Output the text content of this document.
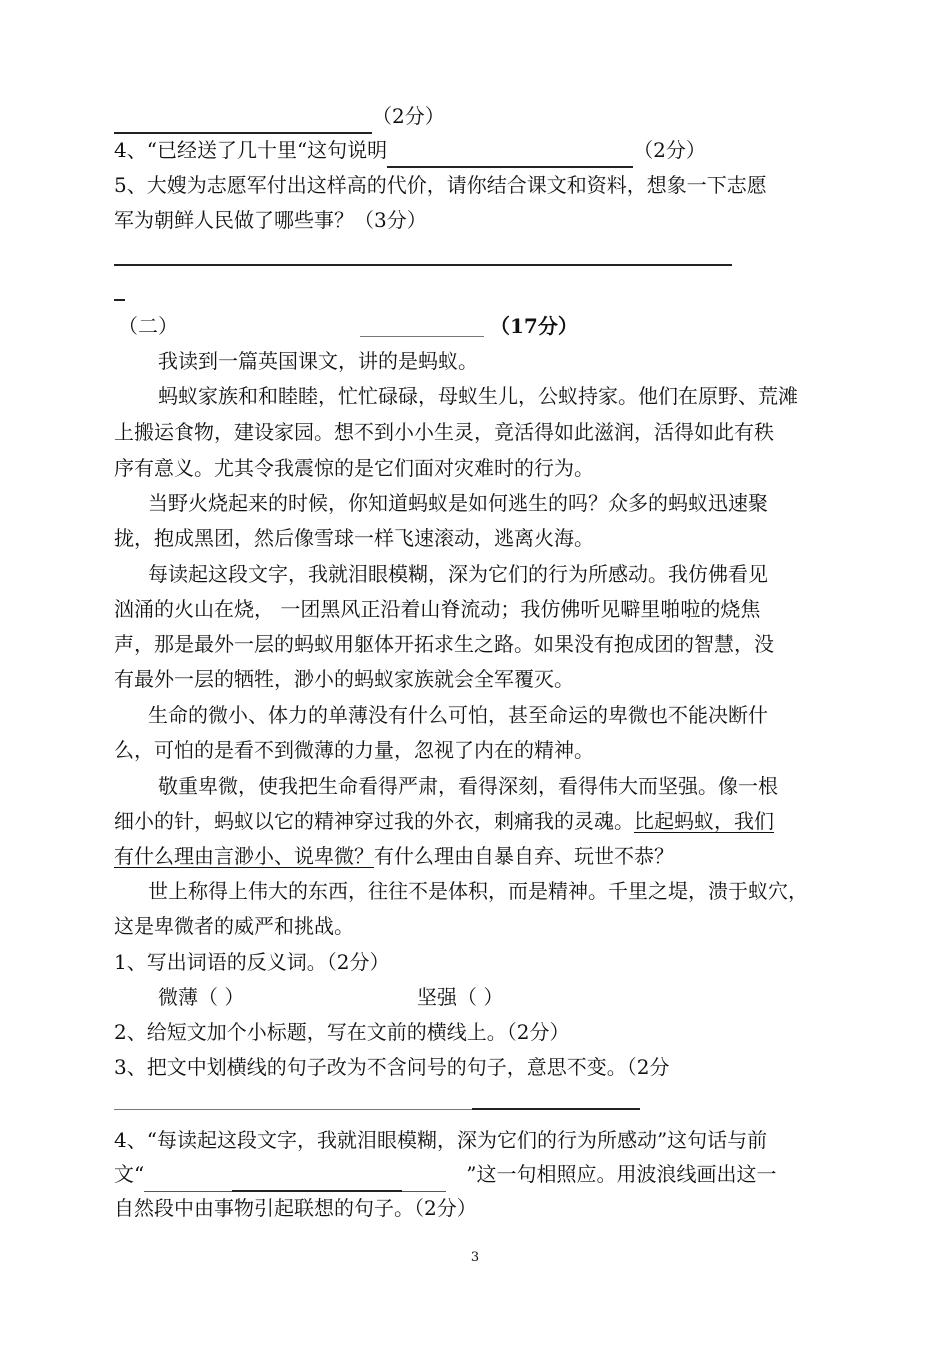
（2分）
4、“已经送了几十里“这句说明	（2分）
5、大嫂为志愿军付出这样高的代价，请你结合课文和资料，想象一下志愿
军为朝鲜人民做了哪些事？（3分）
（二）	（17分）
我读到一篇英国课文，讲的是蚂蚁。
蚂蚁家族和和睦睦，忙忙碌碌，母蚁生儿，公蚁持家。他们在原野、荒滩
上搬运食物，建设家园。想不到小小生灵，竟活得如此滋润，活得如此有秩
序有意义。尤其令我震惊的是它们面对灾难时的行为。
当野火烧起来的时候，你知道蚂蚁是如何逃生的吗？众多的蚂蚁迅速聚
拢，抱成黑团，然后像雪球一样飞速滚动，逃离火海。
每读起这段文字，我就泪眼模糊，深为它们的行为所感动。我仿佛看见
汹涌的火山在烧， 一团黑风正沿着山脊流动；我仿佛听见噼里啪啦的烧焦
声，那是最外一层的蚂蚁用躯体开拓求生之路。如果没有抱成团的智慧，没
有最外一层的牺牲，渺小的蚂蚁家族就会全军覆灭。
生命的微小、体力的单薄没有什么可怕，甚至命运的卑微也不能决断什
么，可怕的是看不到微薄的力量，忽视了内在的精神。
敬重卑微，使我把生命看得严肃，看得深刻，看得伟大而坚强。像一根
细小的针，蚂蚁以它的精神穿过我的外衣，刺痛我的灵魂。比起蚂蚁，我们
有什么理由言渺小、说卑微？有什么理由自暴自弃、玩世不恭？
世上称得上伟大的东西，往往不是体积，而是精神。千里之堤，溃于蚁穴，
这是卑微者的威严和挑战。
1、写出词语的反义词。（2分）
微薄（ ）	坚强（ ）
2、给短文加个小标题，写在文前的横线上。（2分）
3、把文中划横线的句子改为不含问号的句子，意思不变。（2分
4、“每读起这段文字，我就泪眼模糊，深为它们的行为所感动”这句话与前
文“	”这一句相照应。用波浪线画出这一
自然段中由事物引起联想的句子。（2分）
3
